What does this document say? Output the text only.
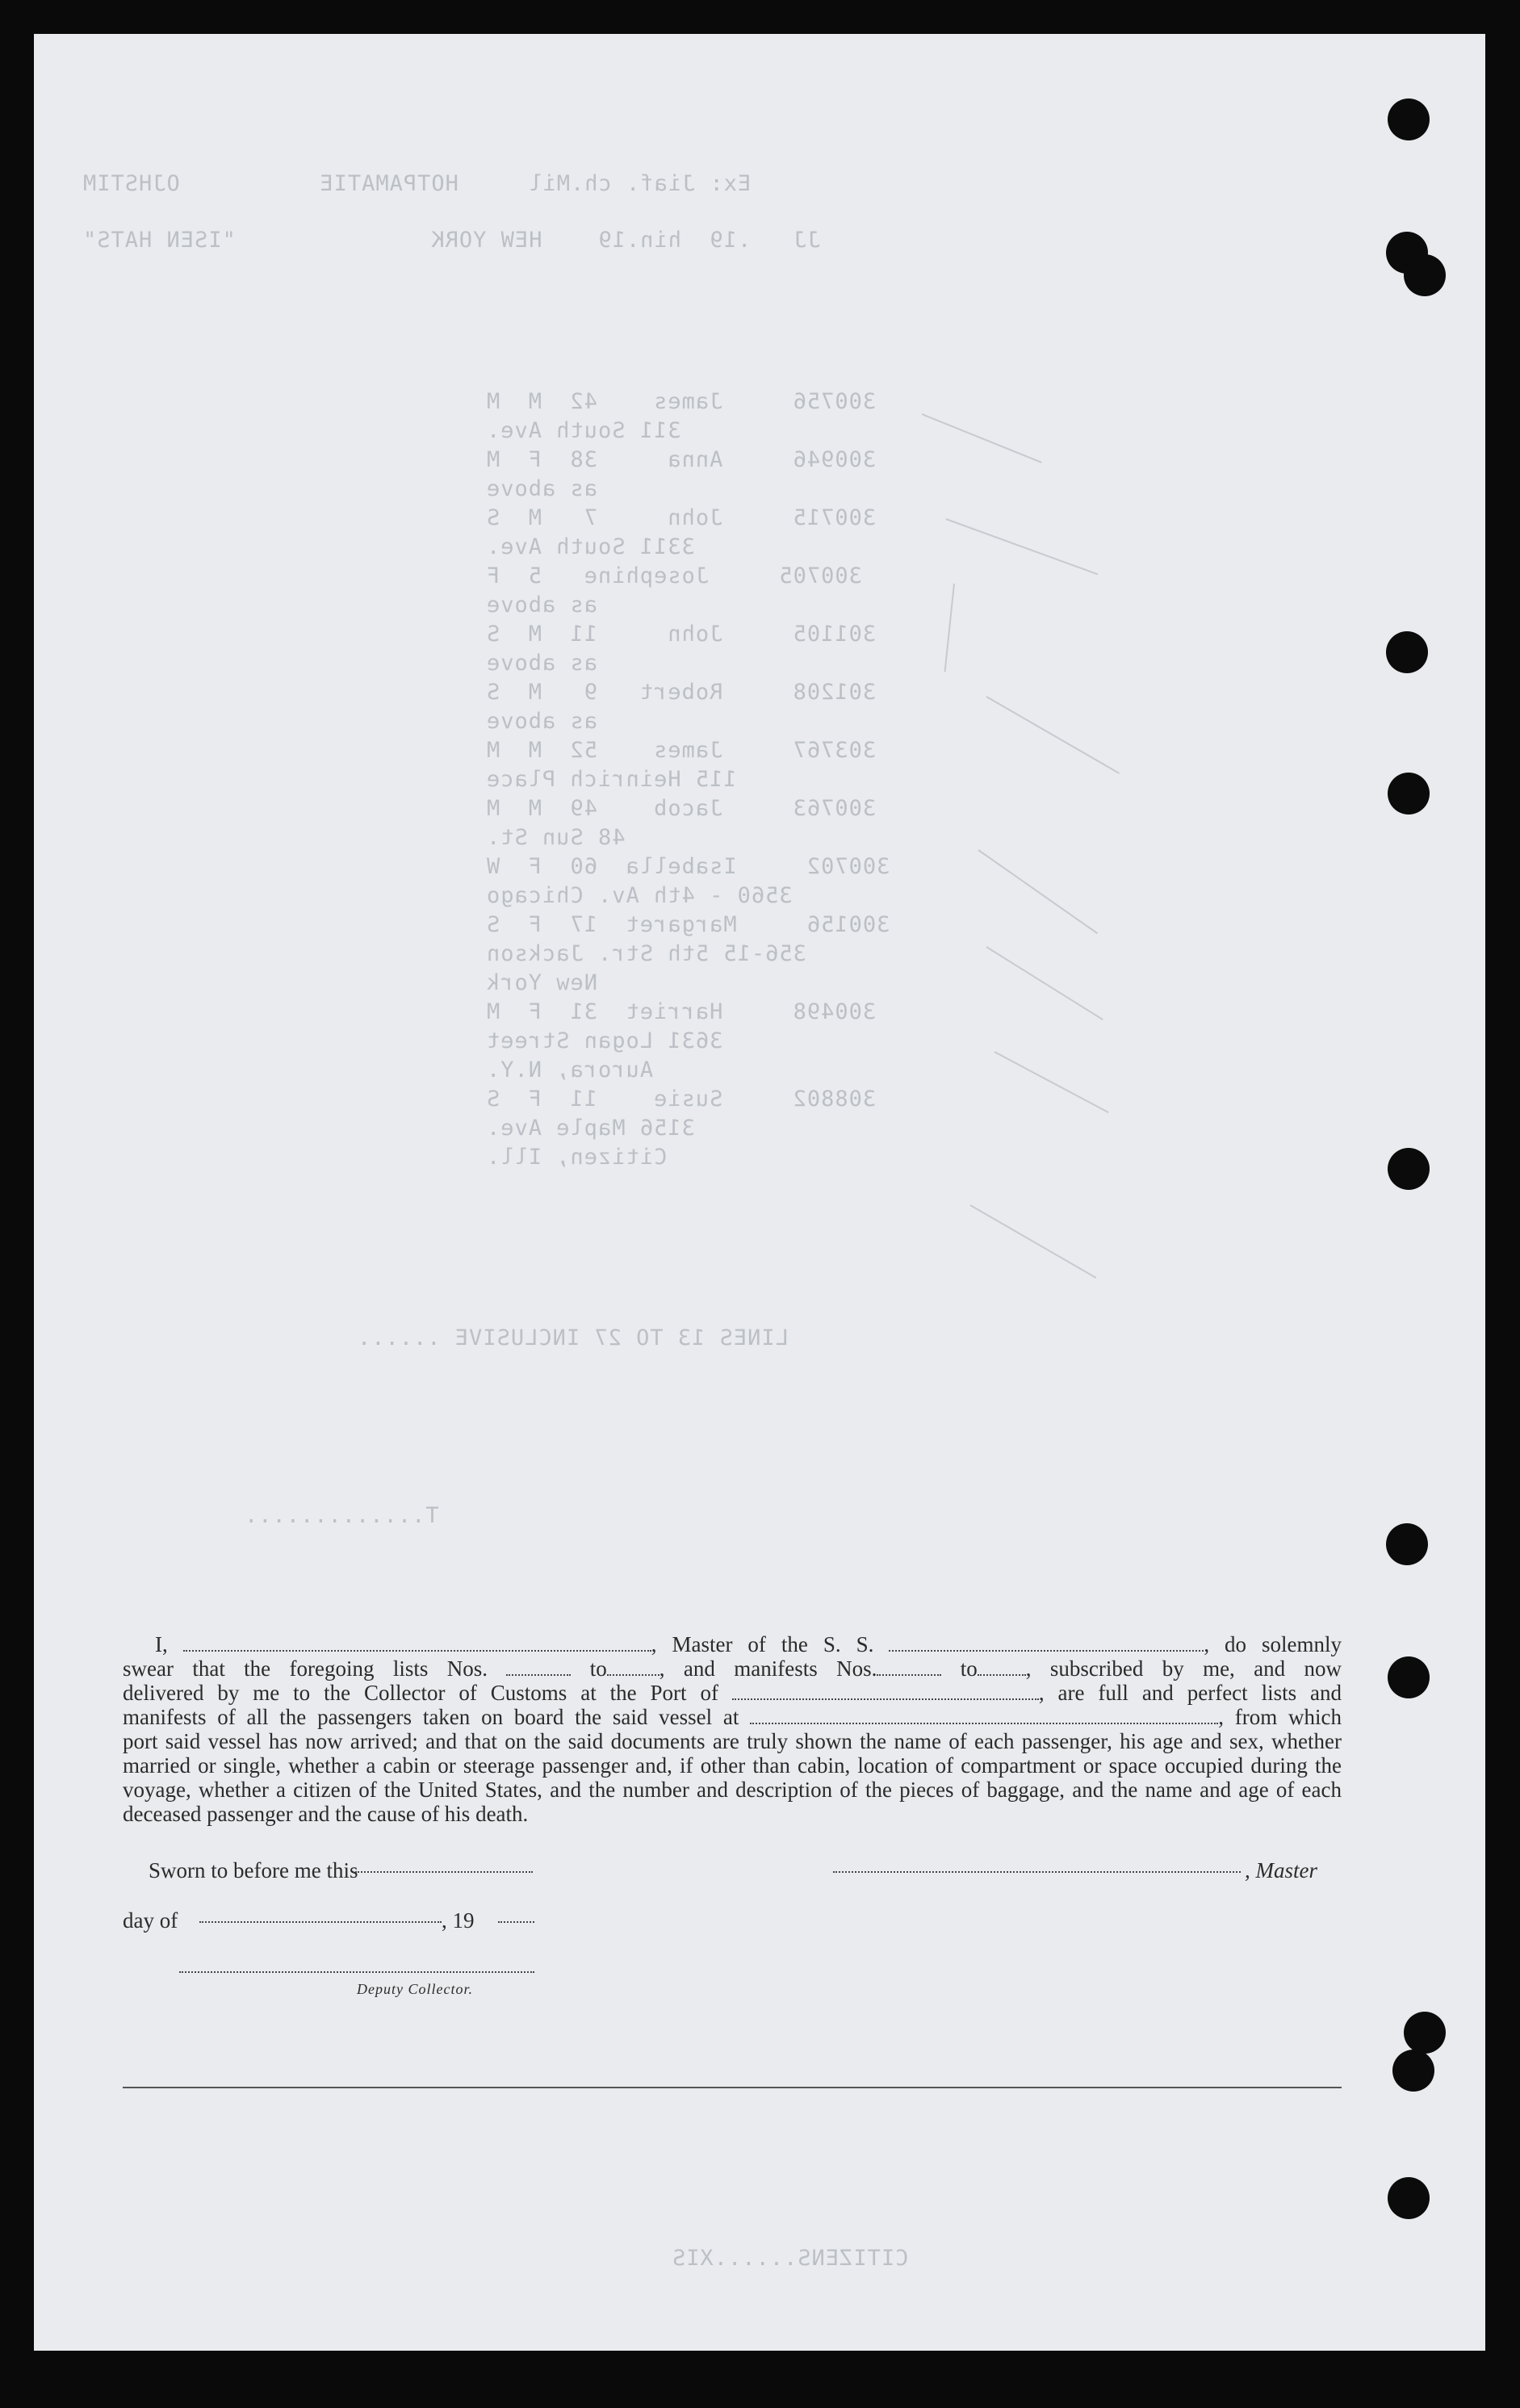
Ex: Jiaf. ch.Mil     HOTPAMATIE          OJHSTIM
JJ   .19  hin.19    HEW YORK              "ISEN HATS"
300756     James    42  M  M
311 South Ave.
300946     Anna     38  F  M
as above
300715     John     7   M  S
3311 South Ave.
300705     Josephine   5  F
as above
301105     John     11  M  S
as above
301208     Robert   9   M  S
as above
303767     James    52  M  M
115 Heinrich Place
300763     Jacob    49  M  M
48 Sun St.
300702     Isabella  60  F  W
3560 - 4th Av. Chicago
300156     Margaret  17  F  S
356-15 5th Str. Jackson
New York
300498     Harriet  31  F  M
3631 Logan Street
Aurora, N.Y.
308802     Susie    11  F  S
3156 Maple Ave.
Citizen, Ill.
LINES 13 TO 27 INCLUSIVE ......
T.............
CITIZENS......XIS

I,	, Master of the S. S.	, do solemnly

swear that the foregoing lists Nos.	to , and manifests Nos.	to , subscribed by me, and now

delivered by me to the Collector of Customs at the Port of	, are full and perfect lists and

manifests of all the passengers taken on board the said vessel at	, from which

port said vessel has now arrived; and that on the said documents are truly shown the name of each passenger, his age and sex, whether married or single, whether a cabin or steerage passenger and, if other than cabin, location of compartment or space occupied during the voyage, whether a citizen of the United States, and the number and description of the pieces of baggage, and the name and age of each deceased passenger and the cause of his death.

Sworn to before me this	, Master
day of	, 19
Deputy Collector.
